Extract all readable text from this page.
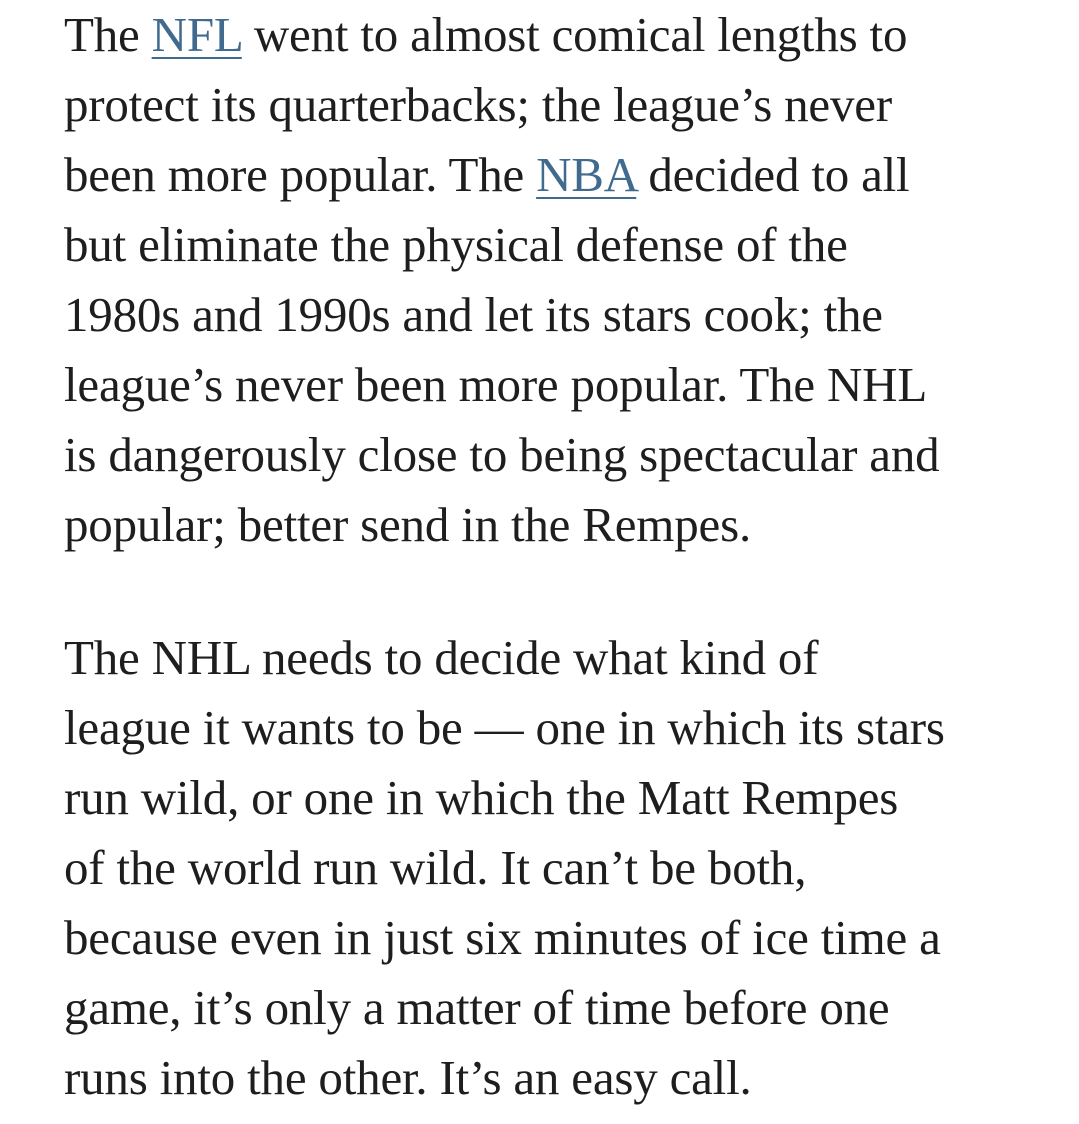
The NFL went to almost comical lengths to
protect its quarterbacks; the league’s never
been more popular. The NBA decided to all
but eliminate the physical defense of the
1980s and 1990s and let its stars cook; the
league’s never been more popular. The NHL
is dangerously close to being spectacular and
popular; better send in the Rempes.

The NHL needs to decide what kind of
league it wants to be — one in which its stars
run wild, or one in which the Matt Rempes
of the world run wild. It can’t be both,
because even in just six minutes of ice time a
game, it’s only a matter of time before one
runs into the other. It’s an easy call.
